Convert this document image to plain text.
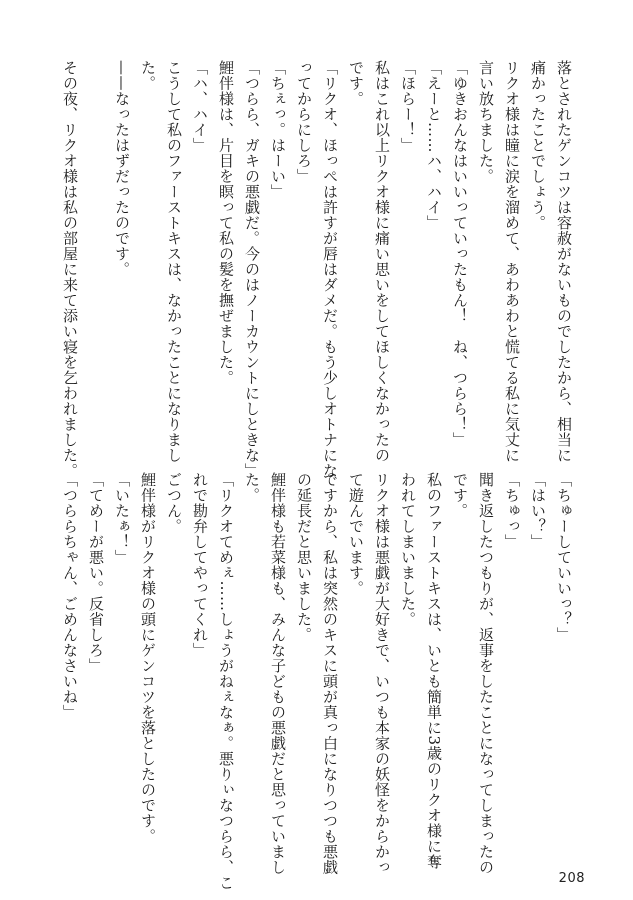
落とされたゲンコツは容赦がないものでしたから、相当に
痛かったことでしょう。
リクオ様は瞳に涙を溜めて、あわあわと慌てる私に気丈に
言い放ちました。
「ゆきおんなはいいっていったもん！　ね、つらら！」
「えーと……ハ、ハイ」
「ほらー！」
私はこれ以上リクオ様に痛い思いをしてほしくなかったの
です。
「リクオ、ほっぺは許すが唇はダメだ。もう少しオトナにな
ってからにしろ」
「ちぇっ。はーい」
「つらら、ガキの悪戯だ。今のはノーカウントにしときな」
鯉伴様は、片目を瞑って私の髪を撫ぜました。
「ハ、ハイ」
こうして私のファーストキスは、なかったことになりまし
た。
——なったはずだったのです。

その夜、リクオ様は私の部屋に来て添い寝を乞われました。
「ちゅーしていいっ？」
「はい？」
「ちゅっ」
聞き返したつもりが、返事をしたことになってしまったの
です。
私のファーストキスは、いとも簡単に3歳のリクオ様に奪
われてしまいました。
リクオ様は悪戯が大好きで、いつも本家の妖怪をからかっ
て遊んでいます。
ですから、私は突然のキスに頭が真っ白になりつつも悪戯
の延長だと思いました。
鯉伴様も若菜様も、みんな子どもの悪戯だと思っていまし
た。
「リクオてめぇ……しょうがねぇなぁ。悪りぃなつらら、こ
れで勘弁してやってくれ」
ごつん。
鯉伴様がリクオ様の頭にゲンコツを落としたのです。
「いたぁ！」
「てめーが悪い。反省しろ」
「つららちゃん、ごめんなさいね」
208
